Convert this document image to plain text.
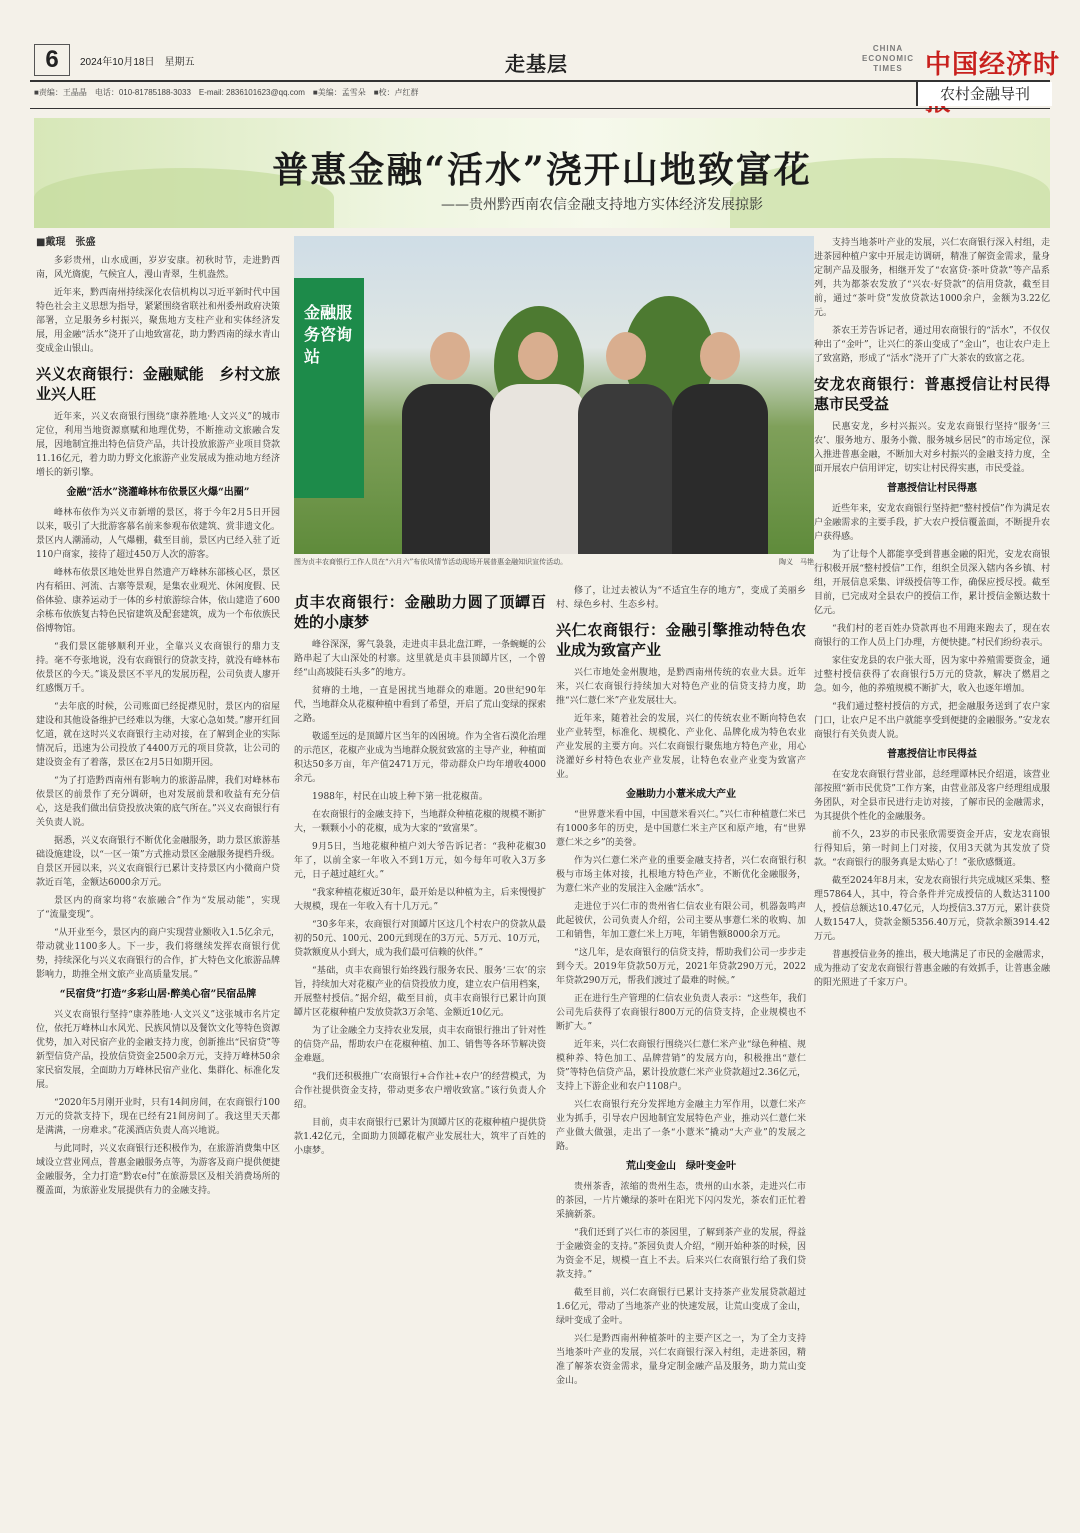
6	2024年10月18日　星期五	走基层
CHINA
ECONOMIC
TIMES 中国经济时
■责编：王晶晶　电话：010-81785188-3033　E-mail: 2836101623@qq.com　■美编：孟雪朵　■校：卢红群	农村金融导刊
普惠金融“活水”浇开山地致富花
——贵州黔西南农信金融支持地方实体经济发展掠影

■戴琨　张盛

多彩贵州，山水成画，岁岁安康。初秋时节，走进黔西南，风光旖旎，气候宜人，漫山青翠，生机盎然。

近年来，黔西南州持续深化农信机构以习近平新时代中国特色社会主义思想为指导，紧紧围绕省联社和州委州政府决策部署，立足服务乡村振兴，聚焦地方支柱产业和实体经济发展，用金融“活水”浇开了山地致富花，助力黔西南的绿水青山变成金山银山。

兴义农商银行：金融赋能　乡村文旅业兴人旺

近年来，兴义农商银行围绕“康养胜地·人文兴义”的城市定位，利用当地资源禀赋和地理优势，不断推动文旅融合发展，因地制宜推出特色信贷产品，共计投放旅游产业项目贷款11.16亿元，着力助力野文化旅游产业发展成为推动地方经济增长的新引擎。

金融“活水”浇灌峰林布依景区火爆“出圈”

峰林布依作为兴义市新增的景区，将于今年2月5日开园以来，吸引了大批游客慕名前来参观布依建筑、赏非遗文化。景区内人潮涌动，人气爆棚，截至目前，景区内已经入驻了近110户商家，接待了超过450万人次的游客。

峰林布依景区地处世界自然遗产万峰林东部核心区，景区内有稻田、河流、古寨等景观，是集农业观光、休闲度假、民俗体验、康养运动于一体的乡村旅游综合体，依山建造了600余栋布依族复古特色民宿建筑及配套建筑，成为一个布依族民俗博物馆。

“我们景区能够顺利开业，全靠兴义农商银行的鼎力支持。毫不夸张地说，没有农商银行的贷款支持，就没有峰林布依景区的今天。”谈及景区不平凡的发展历程，公司负责人廖开红感慨万千。

“去年底的时候，公司账面已经捉襟见肘，景区内的宿屋建设和其他设备维护已经难以为继，大家心急如焚。”廖开红回忆道，就在这时兴义农商银行主动对接，在了解到企业的实际情况后，迅速为公司投放了4400万元的项目贷款，让公司的建设资金有了着落，景区在2月5日如期开园。

“为了打造黔西南州有影响力的旅游品牌，我们对峰林布依景区的前景作了充分调研，也对发展前景和收益有充分信心，这是我们做出信贷投放决策的底气所在。”兴义农商银行有关负责人说。

据悉，兴义农商银行不断优化金融服务，助力景区旅游基础设施建设，以“一区一策”方式推动景区金融服务提档升级。自景区开园以来，兴义农商银行已累计支持景区内小微商户贷款近百笔，金额达6000余万元。

景区内的商家均将“农旅融合”作为“发展动能”，实现了“流量变现”。

“从开业至今，景区内的商户实现营业额收入1.5亿余元，带动就业1100多人。下一步，我们将继续发挥农商银行优势，持续深化与兴义农商银行的合作，扩大特色文化旅游品牌影响力，助推全州文旅产业高质量发展。”

“民宿贷”打造“多彩山居·醉美心宿”民宿品牌

兴义农商银行坚持“康养胜地·人文兴义”这张城市名片定位，依托万峰林山水风光、民族风情以及餐饮文化等特色资源优势，加入对民宿产业的金融支持力度，创新推出“民宿贷”等新型信贷产品，投放信贷资金2500余万元，支持万峰林50余家民宿发展，全面助力万峰林民宿产业化、集群化、标准化发展。

“2020年5月刚开业时，只有14间房间，在农商银行100万元的贷款支持下，现在已经有21间房间了。我这里天天都是满满，一房难求。”花溪酒店负责人高兴地说。

与此同时，兴义农商银行还积极作为，在旅游消费集中区域设立营业网点，普惠金融服务点等，为游客及商户提供便捷金融服务，全力打造“黔农e付”在旅游景区及相关消费场所的覆盖面，为旅游业发展提供有力的金融支持。

金融服务咨询站
图为贞丰农商银行工作人员在“六月六”布依风情节活动现场开展普惠金融知识宣传活动。	陶义　马艳
贞丰农商银行：金融助力圆了顶罈百姓的小康梦

峰谷深深，雾气袅袅，走进贞丰县北盘江畔，一条蜿蜒的公路串起了大山深处的村寨。这里就是贞丰县顶罈片区，一个曾经“山高坡陡石头多”的地方。

贫瘠的土地，一直是困扰当地群众的难题。20世纪90年代，当地群众从花椒种植中看到了希望，开启了荒山变绿的探索之路。

敬遥至远的是顶罈片区当年的凶困境。作为全省石漠化治理的示范区，花椒产业成为当地群众脱贫致富的主导产业，种植面积达50多万亩，年产值2471万元，带动群众户均年增收4000余元。

1988年，村民在山坡上种下第一批花椒苗。

在农商银行的金融支持下，当地群众种植花椒的规模不断扩大，一颗颗小小的花椒，成为大家的“致富果”。

9月5日，当地花椒种植户刘大爷告诉记者：“我种花椒30年了，以前全家一年收入不到1万元，如今每年可收入3万多元，日子越过越红火。”

“我家种植花椒近30年，最开始是以种植为主，后来慢慢扩大规模，现在一年收入有十几万元。”

“30多年来，农商银行对顶罈片区这几个村农户的贷款从最初的50元、100元、200元到现在的3万元、5万元、10万元，贷款额度从小到大，成为我们最可信赖的伙伴。”

“基础，贞丰农商银行始终践行服务农民、服务‘三农’的宗旨，持续加大对花椒产业的信贷投放力度，建立农户信用档案，开展整村授信。”据介绍，截至目前，贞丰农商银行已累计向顶罈片区花椒种植户发放贷款3万余笔、金额近10亿元。

为了让金融全力支持农业发展，贞丰农商银行推出了针对性的信贷产品，帮助农户在花椒种植、加工、销售等各环节解决资金难题。

“我们还积极推广‘农商银行+合作社+农户’的经营模式，为合作社提供资金支持，带动更多农户增收致富。”该行负责人介绍。

目前，贞丰农商银行已累计为顶罈片区的花椒种植户提供贷款1.42亿元，全面助力顶罈花椒产业发展壮大，筑牢了百姓的小康梦。

修了，让过去被认为“不适宜生存的地方”，变成了美丽乡村、绿色乡村、生态乡村。

兴仁农商银行：金融引擎推动特色农业成为致富产业

兴仁市地处金州腹地，是黔西南州传统的农业大县。近年来，兴仁农商银行持续加大对特色产业的信贷支持力度，助推“兴仁薏仁米”产业发展壮大。

近年来，随着社会的发展，兴仁的传统农业不断向特色农业产业转型，标准化、规模化、产业化、品牌化成为特色农业产业发展的主要方向。兴仁农商银行聚焦地方特色产业，用心浇灌好乡村特色农业产业发展，让特色农业产业变为致富产业。

金融助力小薏米成大产业

“世界薏米看中国，中国薏米看兴仁。”兴仁市种植薏仁米已有1000多年的历史，是中国薏仁米主产区和原产地，有“世界薏仁米之乡”的美誉。

作为兴仁薏仁米产业的重要金融支持者，兴仁农商银行积极与市场主体对接，扎根地方特色产业，不断优化金融服务，为薏仁米产业的发展注入金融“活水”。

走进位于兴仁市的贵州省仁信农业有限公司，机器轰鸣声此起彼伏，公司负责人介绍，公司主要从事薏仁米的收购、加工和销售，年加工薏仁米上万吨，年销售额8000余万元。

“这几年，是农商银行的信贷支持，帮助我们公司一步步走到今天。2019年贷款50万元，2021年贷款290万元，2022年贷款290万元，帮我们渡过了最难的时候。”

正在进行生产管理的仁信农业负责人表示：“这些年，我们公司先后获得了农商银行800万元的信贷支持，企业规模也不断扩大。”

近年来，兴仁农商银行围绕兴仁薏仁米产业“绿色种植、规模种养、特色加工、品牌营销”的发展方向，积极推出“薏仁贷”等特色信贷产品，累计投放薏仁米产业贷款超过2.36亿元，支持上下游企业和农户1108户。

兴仁农商银行充分发挥地方金融主力军作用，以薏仁米产业为抓手，引导农户因地制宜发展特色产业，推动兴仁薏仁米产业做大做强，走出了一条“小薏米”撬动“大产业”的发展之路。

荒山变金山　绿叶变金叶

贵州茶香，浓缩的贵州生态，贵州的山水茶，走进兴仁市的茶园，一片片嫩绿的茶叶在阳光下闪闪发光，茶农们正忙着采摘新茶。

“我们还到了兴仁市的茶园里，了解到茶产业的发展，得益于金融资金的支持。”茶园负责人介绍，“刚开始种茶的时候，因为资金不足，规模一直上不去。后来兴仁农商银行给了我们贷款支持。”

截至目前，兴仁农商银行已累计支持茶产业发展贷款超过1.6亿元，带动了当地茶产业的快速发展，让荒山变成了金山，绿叶变成了金叶。

兴仁是黔西南州种植茶叶的主要产区之一，为了全力支持当地茶叶产业的发展，兴仁农商银行深入村组，走进茶园，精准了解茶农资金需求，量身定制金融产品及服务，助力荒山变金山。

支持当地茶叶产业的发展，兴仁农商银行深入村组，走进茶园种植户家中开展走访调研，精准了解资金需求，量身定制产品及服务，相继开发了“农富贷·茶叶贷款”等产品系列，共为都茶农发放了“兴农·好贷款”的信用贷款，截至目前，通过“茶叶贷”发放贷款达1000余户，金额为3.22亿元。

茶农王芳告诉记者，通过用农商银行的“活水”，不仅仅种出了“金叶”，让兴仁的茶山变成了“金山”，也让农户走上了致富路，形成了“活水”浇开了广大茶农的致富之花。

安龙农商银行：普惠授信让村民得惠市民受益

民惠安龙，乡村兴振兴。安龙农商银行坚持“服务‘三农’、服务地方、服务小微、服务城乡居民”的市场定位，深入推进普惠金融，不断加大对乡村振兴的金融支持力度，全面开展农户信用评定，切实让村民得实惠，市民受益。

普惠授信让村民得惠

近些年来，安龙农商银行坚持把“整村授信”作为满足农户金融需求的主要手段，扩大农户授信覆盖面，不断提升农户获得感。

为了让每个人都能享受到普惠金融的阳光，安龙农商银行积极开展“整村授信”工作，组织全员深入辖内各乡镇、村组，开展信息采集、评级授信等工作，确保应授尽授。截至目前，已完成对全县农户的授信工作，累计授信金额达数十亿元。

“我们村的老百姓办贷款再也不用跑来跑去了，现在农商银行的工作人员上门办理，方便快捷。”村民们纷纷表示。

家住安龙县的农户张大哥，因为家中养殖需要资金，通过整村授信获得了农商银行5万元的贷款，解决了燃眉之急。如今，他的养殖规模不断扩大，收入也逐年增加。

“我们通过整村授信的方式，把金融服务送到了农户家门口，让农户足不出户就能享受到便捷的金融服务。”安龙农商银行有关负责人说。

普惠授信让市民得益

在安龙农商银行营业部，总经理谭林民介绍道，该营业部按照“新市民优贷”工作方案，由营业部及客户经理组成服务团队，对全县市民进行走访对接，了解市民的金融需求，为其提供个性化的金融服务。

前不久，23岁的市民张欣需要资金开店，安龙农商银行得知后，第一时间上门对接，仅用3天就为其发放了贷款。“农商银行的服务真是太贴心了！”张欣感慨道。

截至2024年8月末，安龙农商银行共完成城区采集、整理57864人，其中，符合条件并完成授信的人数达31100人，授信总额达10.47亿元，人均授信3.37万元，累计获贷人数1547人，贷款金额5356.40万元，贷款余额3914.42万元。

普惠授信业务的推出，极大地满足了市民的金融需求，成为推动了安龙农商银行普惠金融的有效抓手，让普惠金融的阳光照进了千家万户。
